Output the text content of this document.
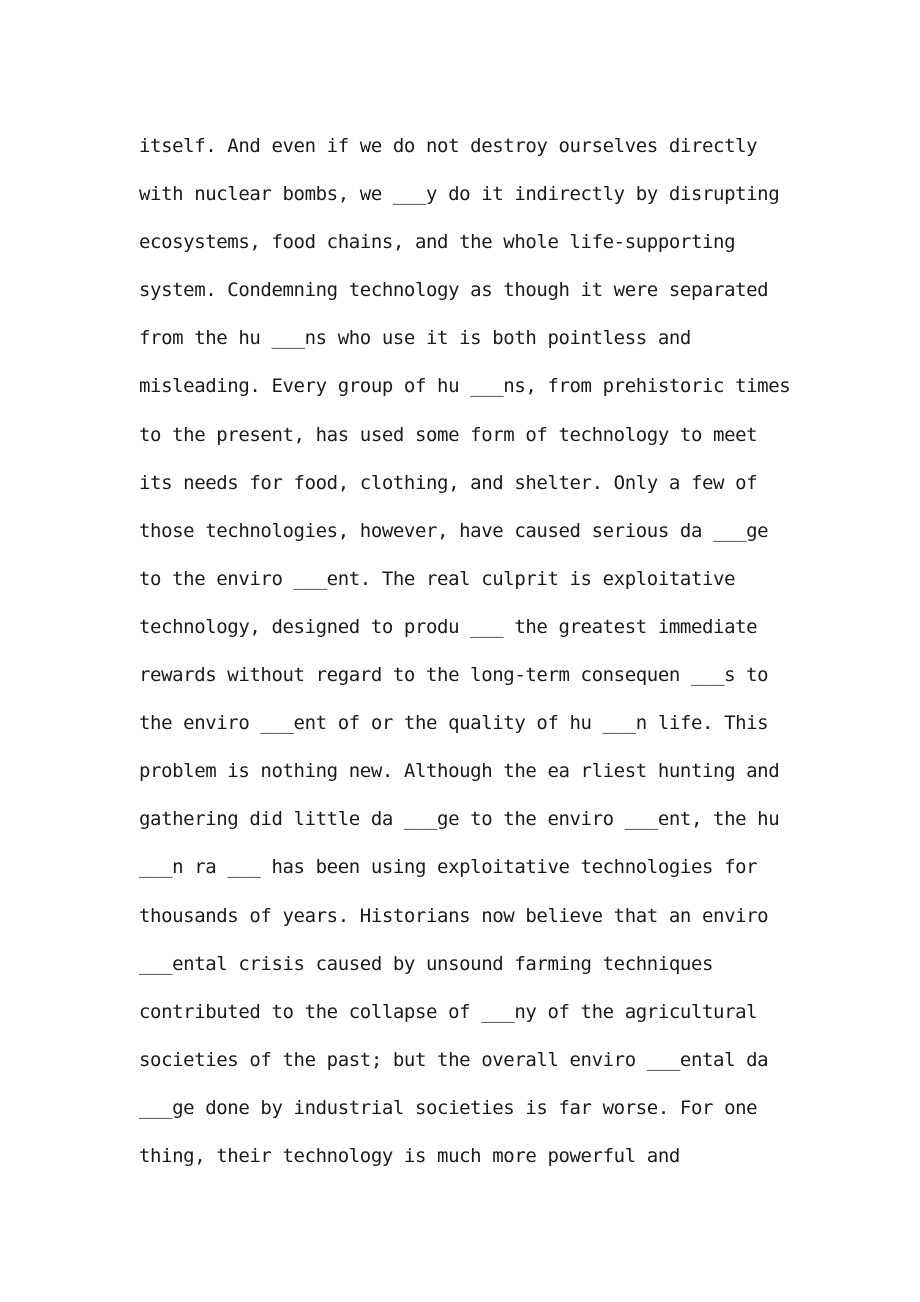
itself. And even if we do not destroy ourselves directly
with nuclear bombs, we ___y do it indirectly by disrupting
ecosystems, food chains, and the whole life-supporting
system. Condemning technology as though it were separated
from the hu ___ns who use it is both pointless and
misleading. Every group of hu ___ns, from prehistoric times
to the present, has used some form of technology to meet
its needs for food, clothing, and shelter. Only a few of
those technologies, however, have caused serious da ___ge
to the enviro ___ent. The real culprit is exploitative
technology, designed to produ ___ the greatest immediate
rewards without regard to the long-term consequen ___s to
the enviro ___ent of or the quality of hu ___n life. This
problem is nothing new. Although the ea rliest hunting and
gathering did little da ___ge to the enviro ___ent, the hu
___n ra ___ has been using exploitative technologies for
thousands of years. Historians now believe that an enviro
___ental crisis caused by unsound farming techniques
contributed to the collapse of ___ny of the agricultural
societies of the past; but the overall enviro ___ental da
___ge done by industrial societies is far worse. For one
thing, their technology is much more powerful and
